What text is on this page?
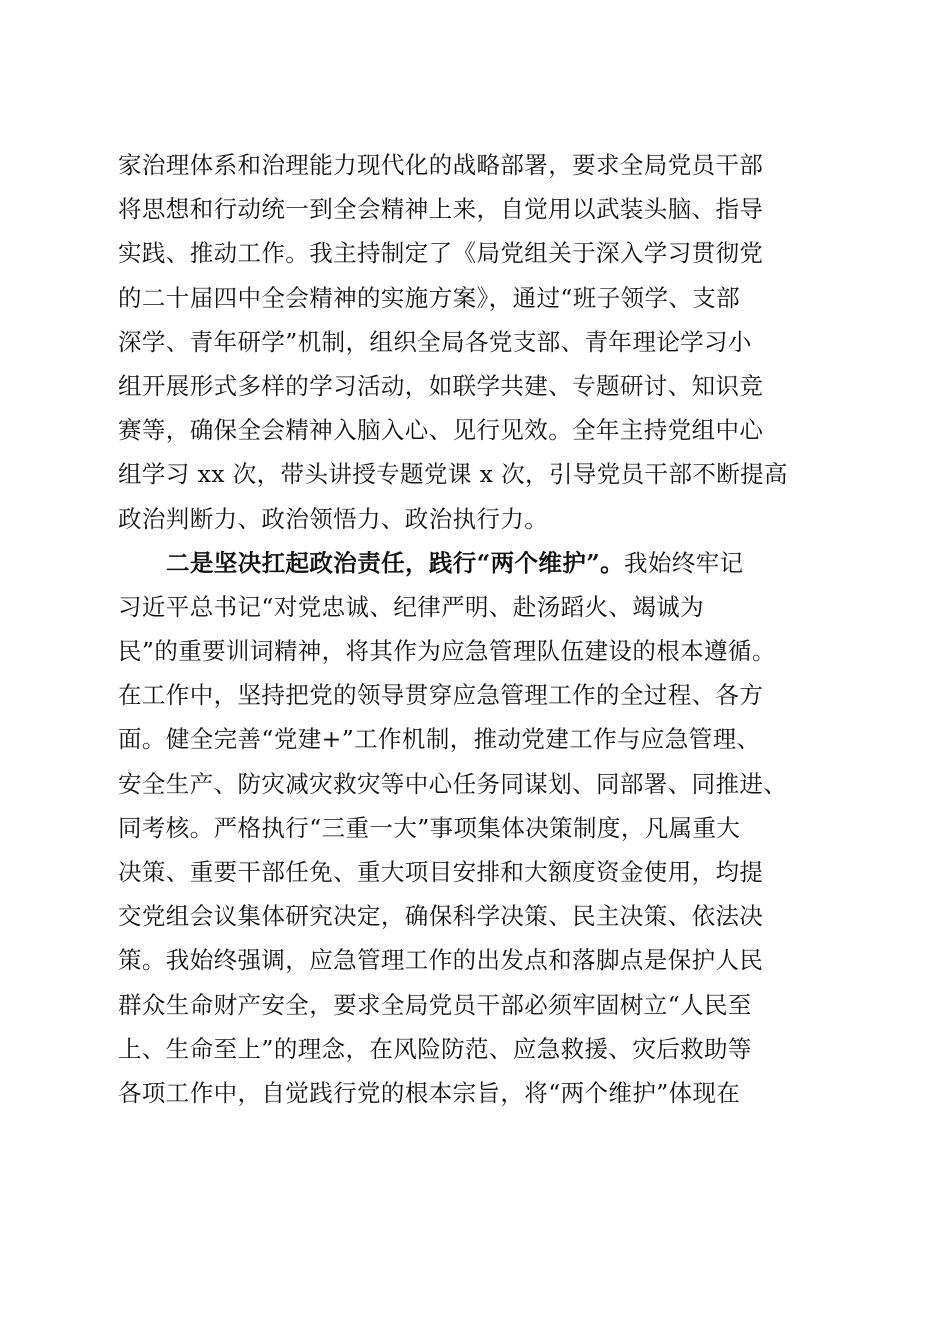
家治理体系和治理能力现代化的战略部署，要求全局党员干部
将思想和行动统一到全会精神上来，自觉用以武装头脑、指导
实践、推动工作。我主持制定了《局党组关于深入学习贯彻党
的二十届四中全会精神的实施方案》，通过“班子领学、支部
深学、青年研学”机制，组织全局各党支部、青年理论学习小
组开展形式多样的学习活动，如联学共建、专题研讨、知识竞
赛等，确保全会精神入脑入心、见行见效。全年主持党组中心
组学习 xx 次，带头讲授专题党课 x 次，引导党员干部不断提高
政治判断力、政治领悟力、政治执行力。
二是坚决扛起政治责任，践行“两个维护”。我始终牢记
习近平总书记“对党忠诚、纪律严明、赴汤蹈火、竭诚为
民”的重要训词精神，将其作为应急管理队伍建设的根本遵循。
在工作中，坚持把党的领导贯穿应急管理工作的全过程、各方
面。健全完善“党建+”工作机制，推动党建工作与应急管理、
安全生产、防灾减灾救灾等中心任务同谋划、同部署、同推进、
同考核。严格执行“三重一大”事项集体决策制度，凡属重大
决策、重要干部任免、重大项目安排和大额度资金使用，均提
交党组会议集体研究决定，确保科学决策、民主决策、依法决
策。我始终强调，应急管理工作的出发点和落脚点是保护人民
群众生命财产安全，要求全局党员干部必须牢固树立“人民至
上、生命至上”的理念，在风险防范、应急救援、灾后救助等
各项工作中，自觉践行党的根本宗旨，将“两个维护”体现在
